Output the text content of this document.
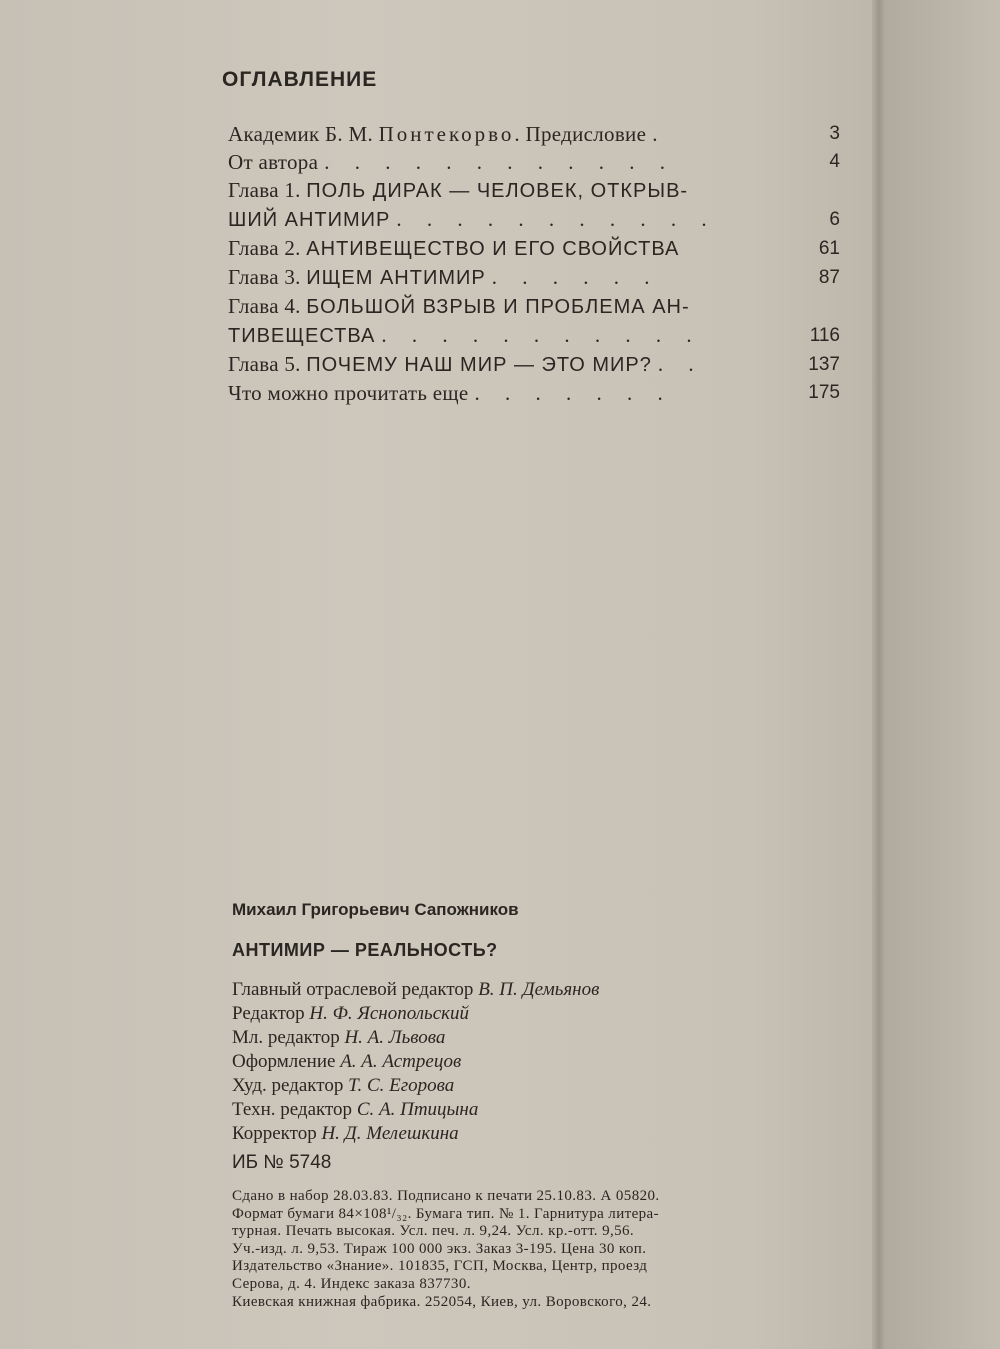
ОГЛАВЛЕНИЕ
Академик Б. М. Понтекорво. Предисловие .	3
От автора . . . . . . . . . . . .	4
Глава 1. ПОЛЬ ДИРАК — ЧЕЛОВЕК, ОТКРЫВ-
ШИЙ АНТИМИР . . . . . . . . . . .	6
Глава 2. АНТИВЕЩЕСТВО И ЕГО СВОЙСТВА	61
Глава 3. ИЩЕМ АНТИМИР . . . . . .	87
Глава 4. БОЛЬШОЙ ВЗРЫВ И ПРОБЛЕМА АН-
ТИВЕЩЕСТВА . . . . . . . . . . .	116
Глава 5. ПОЧЕМУ НАШ МИР — ЭТО МИР? . .	137
Что можно прочитать еще . . . . . . .	175
Михаил Григорьевич Сапожников
АНТИМИР — РЕАЛЬНОСТЬ?
Главный отраслевой редактор В. П. Демьянов
Редактор Н. Ф. Яснопольский
Мл. редактор Н. А. Львова
Оформление А. А. Астрецов
Худ. редактор Т. С. Егорова
Техн. редактор С. А. Птицына
Корректор Н. Д. Мелешкина
ИБ № 5748
Сдано в набор 28.03.83. Подписано к печати 25.10.83. А 05820.
Формат бумаги 84×108¹/₃₂. Бумага тип. № 1. Гарнитура литера-
турная. Печать высокая. Усл. печ. л. 9,24. Усл. кр.-отт. 9,56.
Уч.-изд. л. 9,53. Тираж 100 000 экз. Заказ 3-195. Цена 30 коп.
Издательство «Знание». 101835, ГСП, Москва, Центр, проезд
Серова, д. 4. Индекс заказа 837730.
Киевская книжная фабрика. 252054, Киев, ул. Воровского, 24.
